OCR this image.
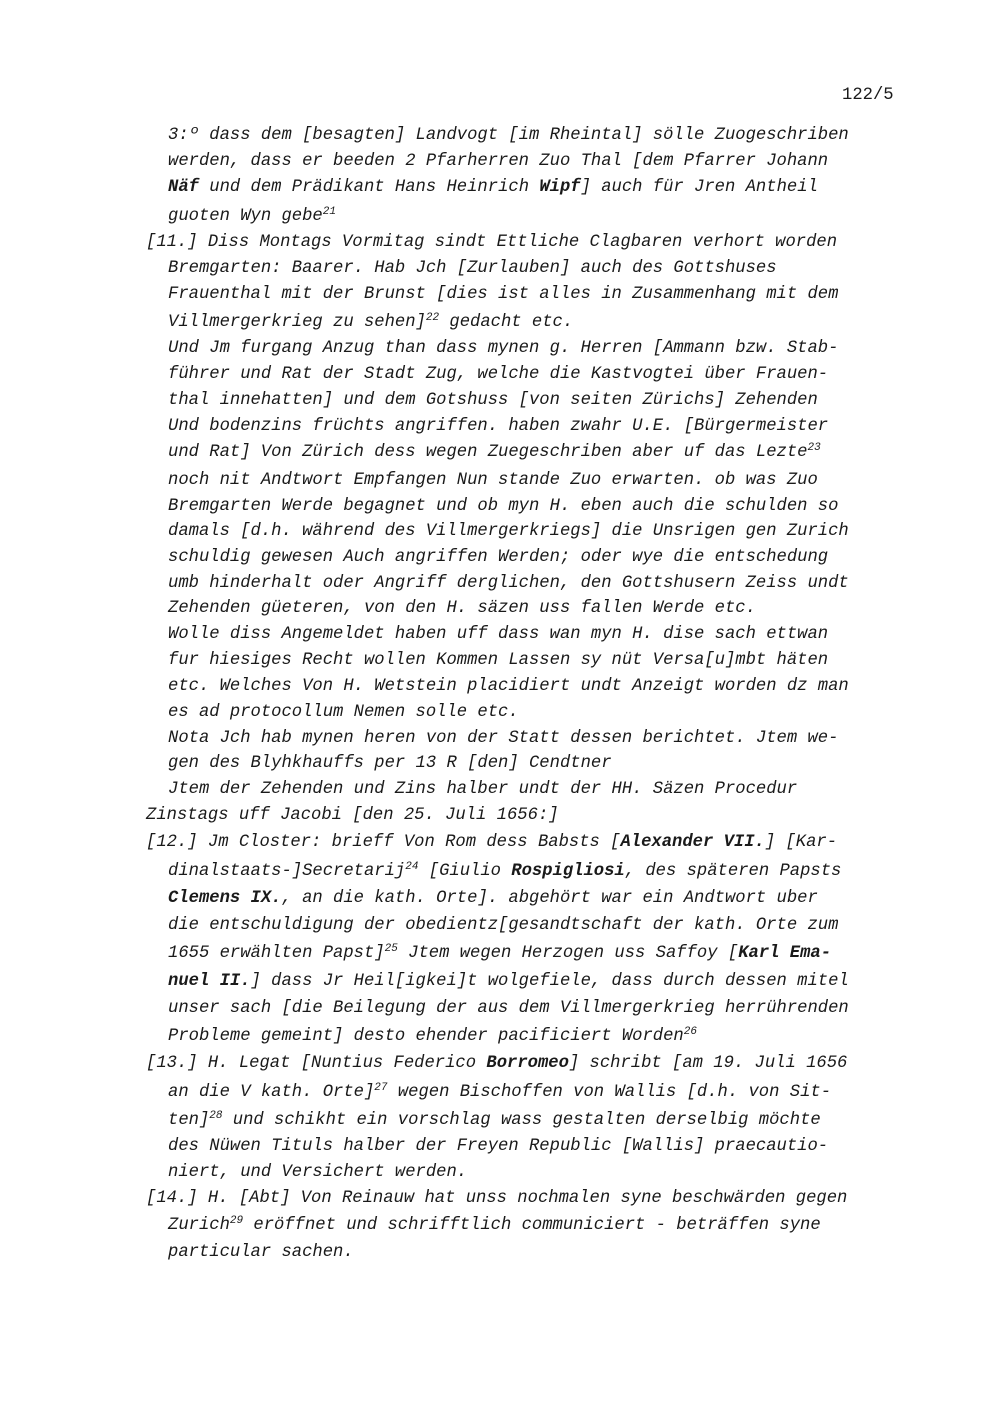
122/5
3:º dass dem [besagten] Landvogt [im Rheintal] sölle Zuogeschriben
werden, dass er beeden 2 Pfarherren Zuo Thal [dem Pfarrer Johann
Näf und dem Prädikant Hans Heinrich Wipf] auch für Jren Antheil
guoten Wyn gebe$^{21}$
[11.] Diss Montags Vormitag sindt Ettliche Clagbaren verhort worden
Bremgarten: Baarer. Hab Jch [Zurlauben] auch des Gottshuses
Frauenthal mit der Brunst [dies ist alles in Zusammenhang mit dem
Villmergerkrieg zu sehen]$^{22}$ gedacht etc.
Und Jm furgang Anzug than dass mynen g. Herren [Ammann bzw. Stab-
führer und Rat der Stadt Zug, welche die Kastvogtei über Frauen-
thal innehatten] und dem Gotshuss [von seiten Zürichs] Zehenden
Und bodenzins früchts angriffen. haben zwahr U.E. [Bürgermeister
und Rat] Von Zürich dess wegen Zuegeschriben aber uf das Lezte$^{23}$
noch nit Andtwort Empfangen Nun stande Zuo erwarten. ob was Zuo
Bremgarten Werde begagnet und ob myn H. eben auch die schulden so
damals [d.h. während des Villmergerkriegs] die Unsrigen gen Zurich
schuldig gewesen Auch angriffen Werden; oder wye die entschedung
umb hinderhalt oder Angriff derglichen, den Gottshusern Zeiss undt
Zehenden güeteren, von den H. säzen uss fallen Werde etc.
Wolle diss Angemeldet haben uff dass wan myn H. dise sach ettwan
fur hiesiges Recht wollen Kommen Lassen sy nüt Versa[u]mbt häten
etc. Welches Von H. Wetstein placidiert undt Anzeigt worden dz man
es ad protocollum Nemen solle etc.
Nota Jch hab mynen heren von der Statt dessen berichtet. Jtem we-
gen des Blyhkhauffs per 13 R [den] Cendtner
Jtem der Zehenden und Zins halber undt der HH. Säzen Procedur
Zinstags uff Jacobi [den 25. Juli 1656:]
[12.] Jm Closter: brieff Von Rom dess Babsts [Alexander VII.] [Kar-
dinalstaats-]Secretarij$^{24}$ [Giulio Rospigliosi, des späteren Papsts
Clemens IX., an die kath. Orte]. abgehört war ein Andtwort uber
die entschuldigung der obedientz[gesandtschaft der kath. Orte zum
1655 erwählten Papst]$^{25}$ Jtem wegen Herzogen uss Saffoy [Karl Ema-
nuel II.] dass Jr Heil[igkei]t wolgefiele, dass durch dessen mitel
unser sach [die Beilegung der aus dem Villmergerkrieg herrührenden
Probleme gemeint] desto ehender pacificiert Worden$^{26}$
[13.] H. Legat [Nuntius Federico Borromeo] schribt [am 19. Juli 1656
an die V kath. Orte]$^{27}$ wegen Bischoffen von Wallis [d.h. von Sit-
ten]$^{28}$ und schikht ein vorschlag wass gestalten derselbig möchte
des Nüwen Tituls halber der Freyen Republic [Wallis] praecautio-
niert, und Versichert werden.
[14.] H. [Abt] Von Reinauw hat unss nochmalen syne beschwärden gegen
Zurich$^{29}$ eröffnet und schrifftlich communiciert - beträffen syne
particular sachen.
